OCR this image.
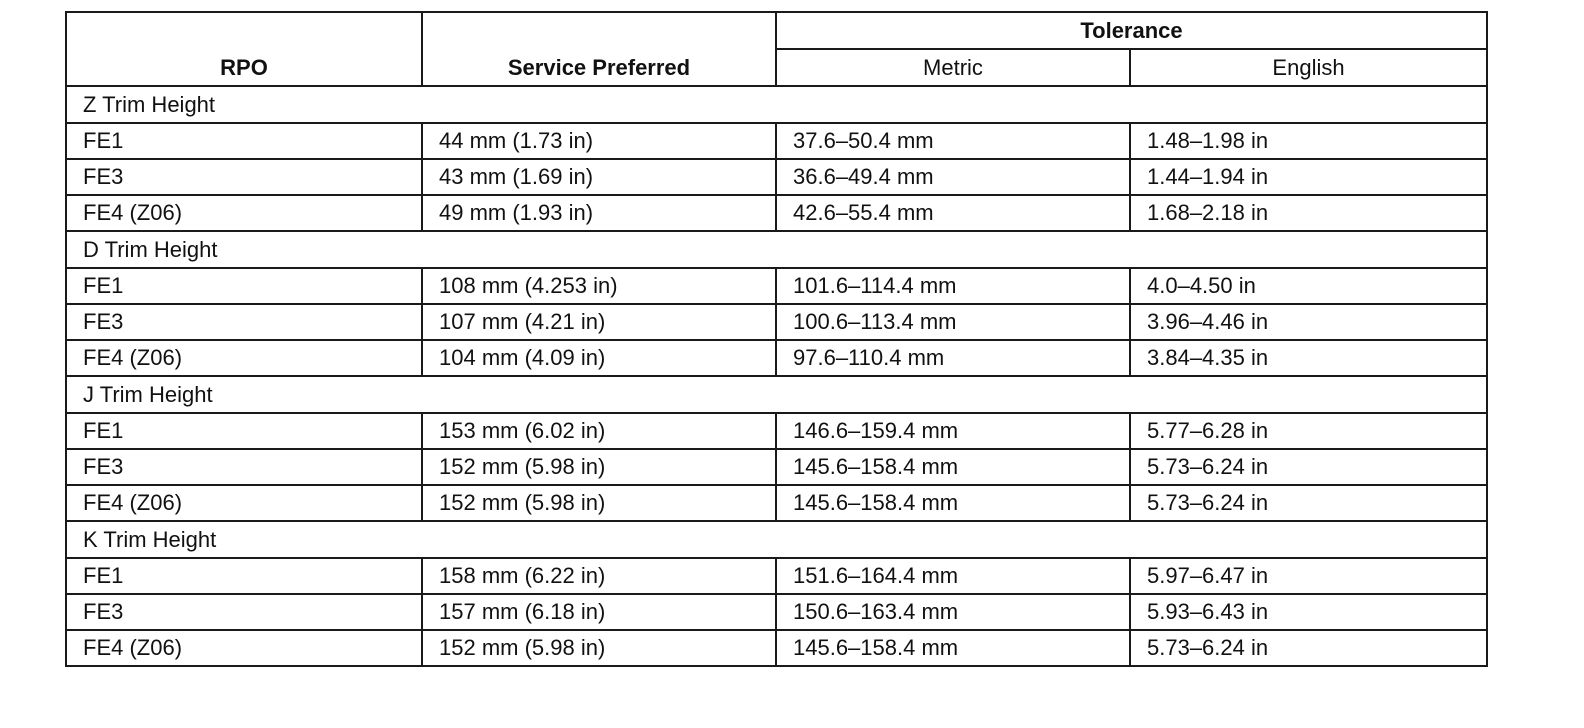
RPO	Service Preferred	Tolerance	
		Metric	English
Z Trim Height			
FE1	44 mm (1.73 in)	37.6–50.4 mm	1.48–1.98 in
FE3	43 mm (1.69 in)	36.6–49.4 mm	1.44–1.94 in
FE4 (Z06)	49 mm (1.93 in)	42.6–55.4 mm	1.68–2.18 in
D Trim Height			
FE1	108 mm (4.253 in)	101.6–114.4 mm	4.0–4.50 in
FE3	107 mm (4.21 in)	100.6–113.4 mm	3.96–4.46 in
FE4 (Z06)	104 mm (4.09 in)	97.6–110.4 mm	3.84–4.35 in
J Trim Height			
FE1	153 mm (6.02 in)	146.6–159.4 mm	5.77–6.28 in
FE3	152 mm (5.98 in)	145.6–158.4 mm	5.73–6.24 in
FE4 (Z06)	152 mm (5.98 in)	145.6–158.4 mm	5.73–6.24 in
K Trim Height			
FE1	158 mm (6.22 in)	151.6–164.4 mm	5.97–6.47 in
FE3	157 mm (6.18 in)	150.6–163.4 mm	5.93–6.43 in
FE4 (Z06)	152 mm (5.98 in)	145.6–158.4 mm	5.73–6.24 in
